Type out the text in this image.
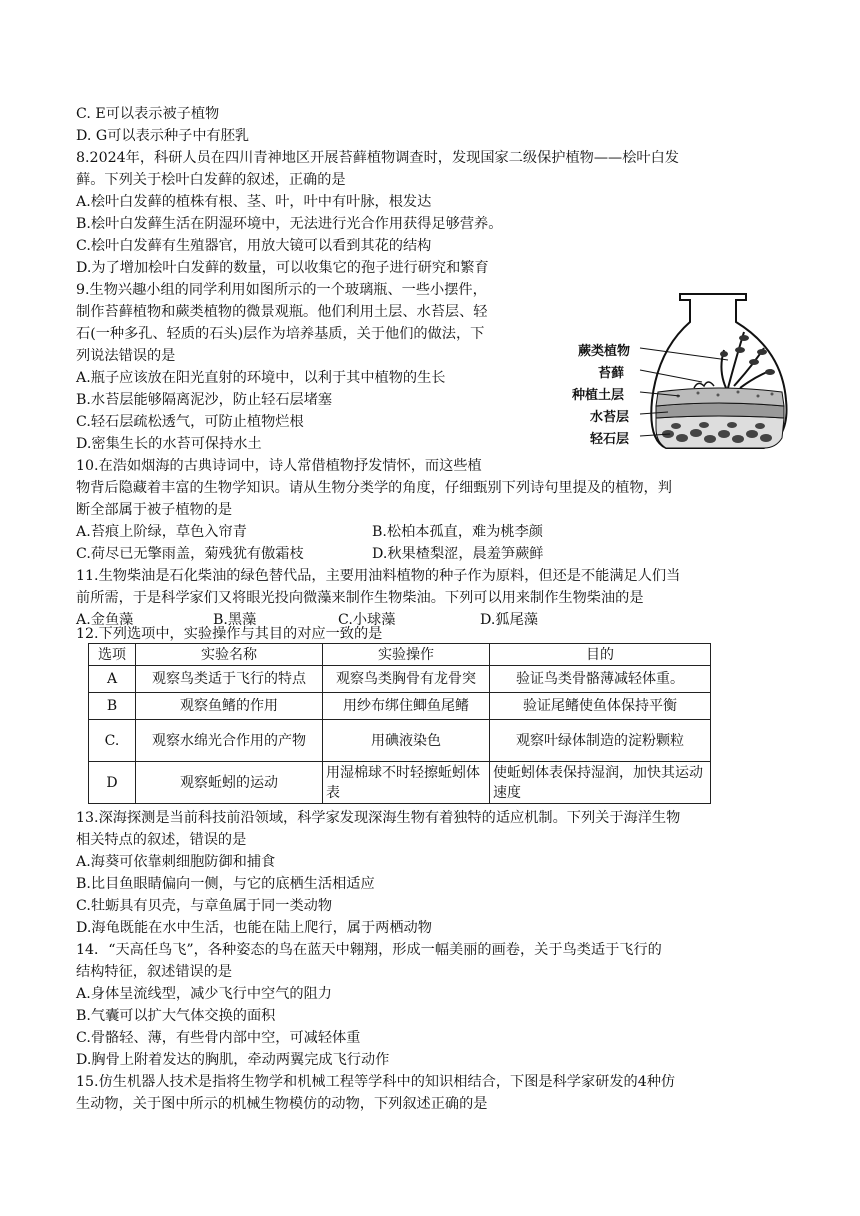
C. E可以表示被子植物
D. G可以表示种子中有胚乳
8.2024年，科研人员在四川青神地区开展苔藓植物调查时，发现国家二级保护植物——桧叶白发
藓。下列关于桧叶白发藓的叙述，正确的是
A.桧叶白发藓的植株有根、茎、叶，叶中有叶脉，根发达
B.桧叶白发藓生活在阴湿环境中，无法进行光合作用获得足够营养。
C.桧叶白发藓有生殖器官，用放大镜可以看到其花的结构
D.为了增加桧叶白发藓的数量，可以收集它的孢子进行研究和繁育
9.生物兴趣小组的同学利用如图所示的一个玻璃瓶、一些小摆件，
制作苔藓植物和蕨类植物的微景观瓶。他们利用土层、水苔层、轻
石(一种多孔、轻质的石头)层作为培养基质，关于他们的做法，下
列说法错误的是
A.瓶子应该放在阳光直射的环境中，以利于其中植物的生长
B.水苔层能够隔离泥沙，防止轻石层堵塞
C.轻石层疏松透气，可防止植物烂根
D.密集生长的水苔可保持水土
10.在浩如烟海的古典诗词中，诗人常借植物抒发情怀，而这些植
物背后隐藏着丰富的生物学知识。请从生物分类学的角度，仔细甄别下列诗句里提及的植物，判
断全部属于被子植物的是
蕨类植物
苔藓
种植土层
水苔层
轻石层
A.苔痕上阶绿，草色入帘青	B.松柏本孤直，难为桃李颜
C.荷尽已无擎雨盖，菊残犹有傲霜枝	D.秋果楂梨涩，晨羞笋蕨鲜
11.生物柴油是石化柴油的绿色替代品，主要用油料植物的种子作为原料，但还是不能满足人们当
前所需，于是科学家们又将眼光投向微藻来制作生物柴油。下列可以用来制作生物柴油的是
A.金鱼藻	B.黑藻	C.小球藻	D.狐尾藻
12.下列选项中，实验操作与其目的对应一致的是
选项	实验名称	实验操作	目的
A	观察鸟类适于飞行的特点	观察鸟类胸骨有龙骨突	验证鸟类骨骼薄减轻体重。
B	观察鱼鳍的作用	用纱布绑住鲫鱼尾鳍	验证尾鳍使鱼体保持平衡
C.	观察水绵光合作用的产物	用碘液染色	观察叶绿体制造的淀粉颗粒
D	观察蚯蚓的运动	用湿棉球不时轻擦蚯蚓体表	使蚯蚓体表保持湿润，加快其运动速度
13.深海探测是当前科技前沿领域，科学家发现深海生物有着独特的适应机制。下列关于海洋生物
相关特点的叙述，错误的是
A.海葵可依靠刺细胞防御和捕食
B.比目鱼眼睛偏向一侧，与它的底栖生活相适应
C.牡蛎具有贝壳，与章鱼属于同一类动物
D.海龟既能在水中生活，也能在陆上爬行，属于两栖动物
14．“天高任鸟飞”，各种姿态的鸟在蓝天中翱翔，形成一幅美丽的画卷，关于鸟类适于飞行的
结构特征，叙述错误的是
A.身体呈流线型，减少飞行中空气的阻力
B.气囊可以扩大气体交换的面积
C.骨骼轻、薄，有些骨内部中空，可减轻体重
D.胸骨上附着发达的胸肌，牵动两翼完成飞行动作
15.仿生机器人技术是指将生物学和机械工程等学科中的知识相结合，下图是科学家研发的4种仿
生动物，关于图中所示的机械生物模仿的动物，下列叙述正确的是
